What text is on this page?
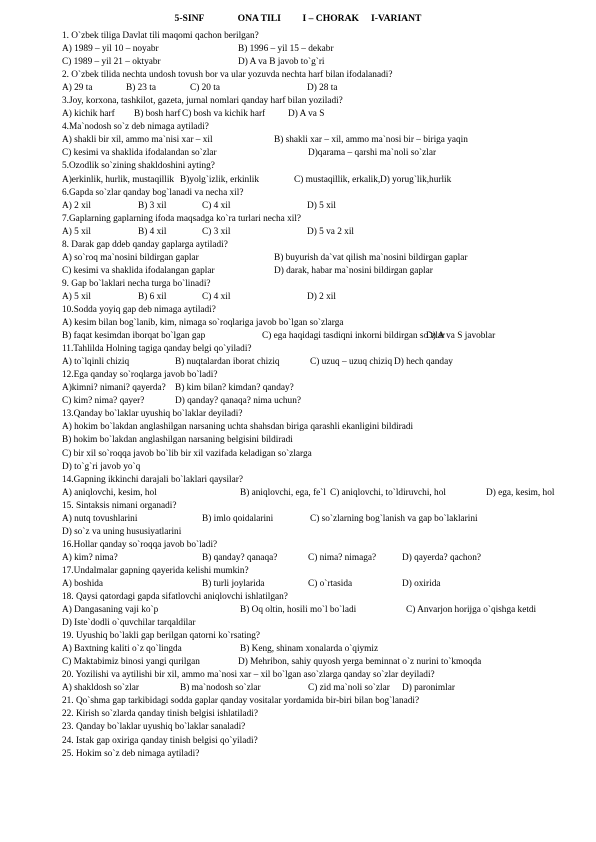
5-SINF              ONA TILI         I – CHORAK     I-VARIANT
1. O`zbek tiliga Davlat tili maqomi qachon berilgan?
A) 1989 – yil 10 – noyabr	B) 1996 – yil 15 – dekabr
C) 1989 – yil 21 – oktyabr	D) A va B javob to`g`ri
2. O`zbek tilida nechta undosh tovush bor va ular yozuvda nechta harf bilan ifodalanadi?
A) 29 ta	B) 23 ta	C) 20 ta	D) 28 ta
3.Joy, korxona, tashkilot, gazeta, jurnal nomlari qanday harf bilan yoziladi?
A) kichik harf B) bosh harf C) bosh va kichik harf D) A va S
4.Ma`nodosh so`z deb nimaga aytiladi?
A) shakli bir xil, ammo ma`nisi xar – xil	B) shakli xar – xil, ammo ma`nosi bir – biriga yaqin
C) kesimi va shaklida ifodalandan so`zlar	D)qarama – qarshi ma`noli so`zlar
5.Ozodlik so`zining shakldoshini ayting?
A)erkinlik, hurlik, mustaqillik B)yolg`izlik, erkinlik	C) mustaqillik, erkalik, D) yorug`lik,hurlik
6.Gapda so`zlar qanday bog`lanadi va necha xil?
A) 2 xil	B) 3 xil	C) 4 xil	D) 5 xil
7.Gaplarning gaplarning ifoda maqsadga ko`ra turlari necha xil?
A) 5 xil	B) 4 xil	C) 3 xil	D) 5 va 2 xil
8. Darak gap ddeb qanday gaplarga aytiladi?
A) so`roq ma`nosini bildirgan gaplar	B) buyurish da`vat qilish ma`nosini bildirgan gaplar
C) kesimi va shaklida ifodalangan gaplar	D) darak, habar ma`nosini bildirgan gaplar
9. Gap bo`laklari necha turga bo`linadi?
A) 5 xil	B) 6 xil	C) 4 xil	D) 2 xil
10.Sodda yoyiq gap deb nimaga aytiladi?
A) kesim bilan bog`lanib, kim, nimaga so`roqlariga javob bo`lgan so`zlarga
B) faqat kesimdan iborqat bo`lgan gap	C) ega haqidagi tasdiqni inkorni bildirgan so`zlar
D) A va S javoblar
11.Tahlilda Holning tagiga qanday belgi qo`yiladi?
A) to`lqinli chiziq	B) nuqtalardan iborat chiziq	C) uzuq – uzuq chiziq D) hech qanday
12.Ega qanday so`roqlarga javob bo`ladi?
A)kimni? nimani? qayerda? B) kim bilan? kimdan? qanday?
C) kim? nima? qayer?	D) qanday? qanaqa? nima uchun?
13.Qanday bo`laklar uyushiq bo`laklar deyiladi?
A) hokim bo`lakdan anglashilgan narsaning uchta shahsdan biriga qarashli ekanligini bildiradi
B) hokim bo`lakdan anglashilgan narsaning belgisini bildiradi
C) bir xil so`roqqa javob bo`lib bir xil vazifada keladigan so`zlarga
D) to`g`ri javob yo`q
14.Gapning ikkinchi darajali bo`laklari qaysilar?
A) aniqlovchi, kesim, hol	B) aniqlovchi, ega, fe`l C) aniqlovchi, to`ldiruvchi, hol	D) ega, kesim, hol
15. Sintaksis nimani organadi?
A) nutq tovushlarini	B) imlo qoidalarini	C) so`zlarning bog`lanish va gap bo`laklarini
D) so`z va uning hususiyatlarini
16.Hollar qanday so`roqqa javob bo`ladi?
A) kim? nima?	B) qanday? qanaqa?	C) nima? nimaga?	D) qayerda? qachon?
17.Undalmalar gapning qayerida kelishi mumkin?
A) boshida	B) turli joylarida	C) o`rtasida	D) oxirida
18. Qaysi qatordagi gapda sifatlovchi aniqlovchi ishlatilgan?
A) Dangasaning vaji ko`p	B) Oq oltin, hosili mo`l bo`ladi	C) Anvarjon horijga o`qishga ketdi
D) Iste`dodli o`quvchilar tarqaldilar
19. Uyushiq bo`lakli gap berilgan qatorni ko`rsating?
A) Baxtning kaliti o`z qo`lingda	B) Keng, shinam xonalarda o`qiymiz
C) Maktabimiz binosi yangi qurilgan	D) Mehribon, sahiy quyosh yerga beminnat o`z nurini to`kmoqda
20. Yozilishi va aytilishi bir xil, ammo ma`nosi xar – xil bo`lgan aso`zlarga qanday so`zlar deyiladi?
A) shakldosh so`zlar	B) ma`nodosh so`zlar	C) zid ma`noli so`zlar D) paronimlar
21. Qo`shma gap tarkibidagi sodda gaplar qanday vositalar yordamida bir-biri bilan bog`lanadi?
22. Kirish so`zlarda qanday tinish belgisi ishlatiladi?
23. Qanday bo`laklar uyushiq bo`laklar sanaladi?
24. Istak gap oxiriga qanday tinish belgisi qo`yiladi?
25. Hokim so`z deb nimaga aytiladi?
